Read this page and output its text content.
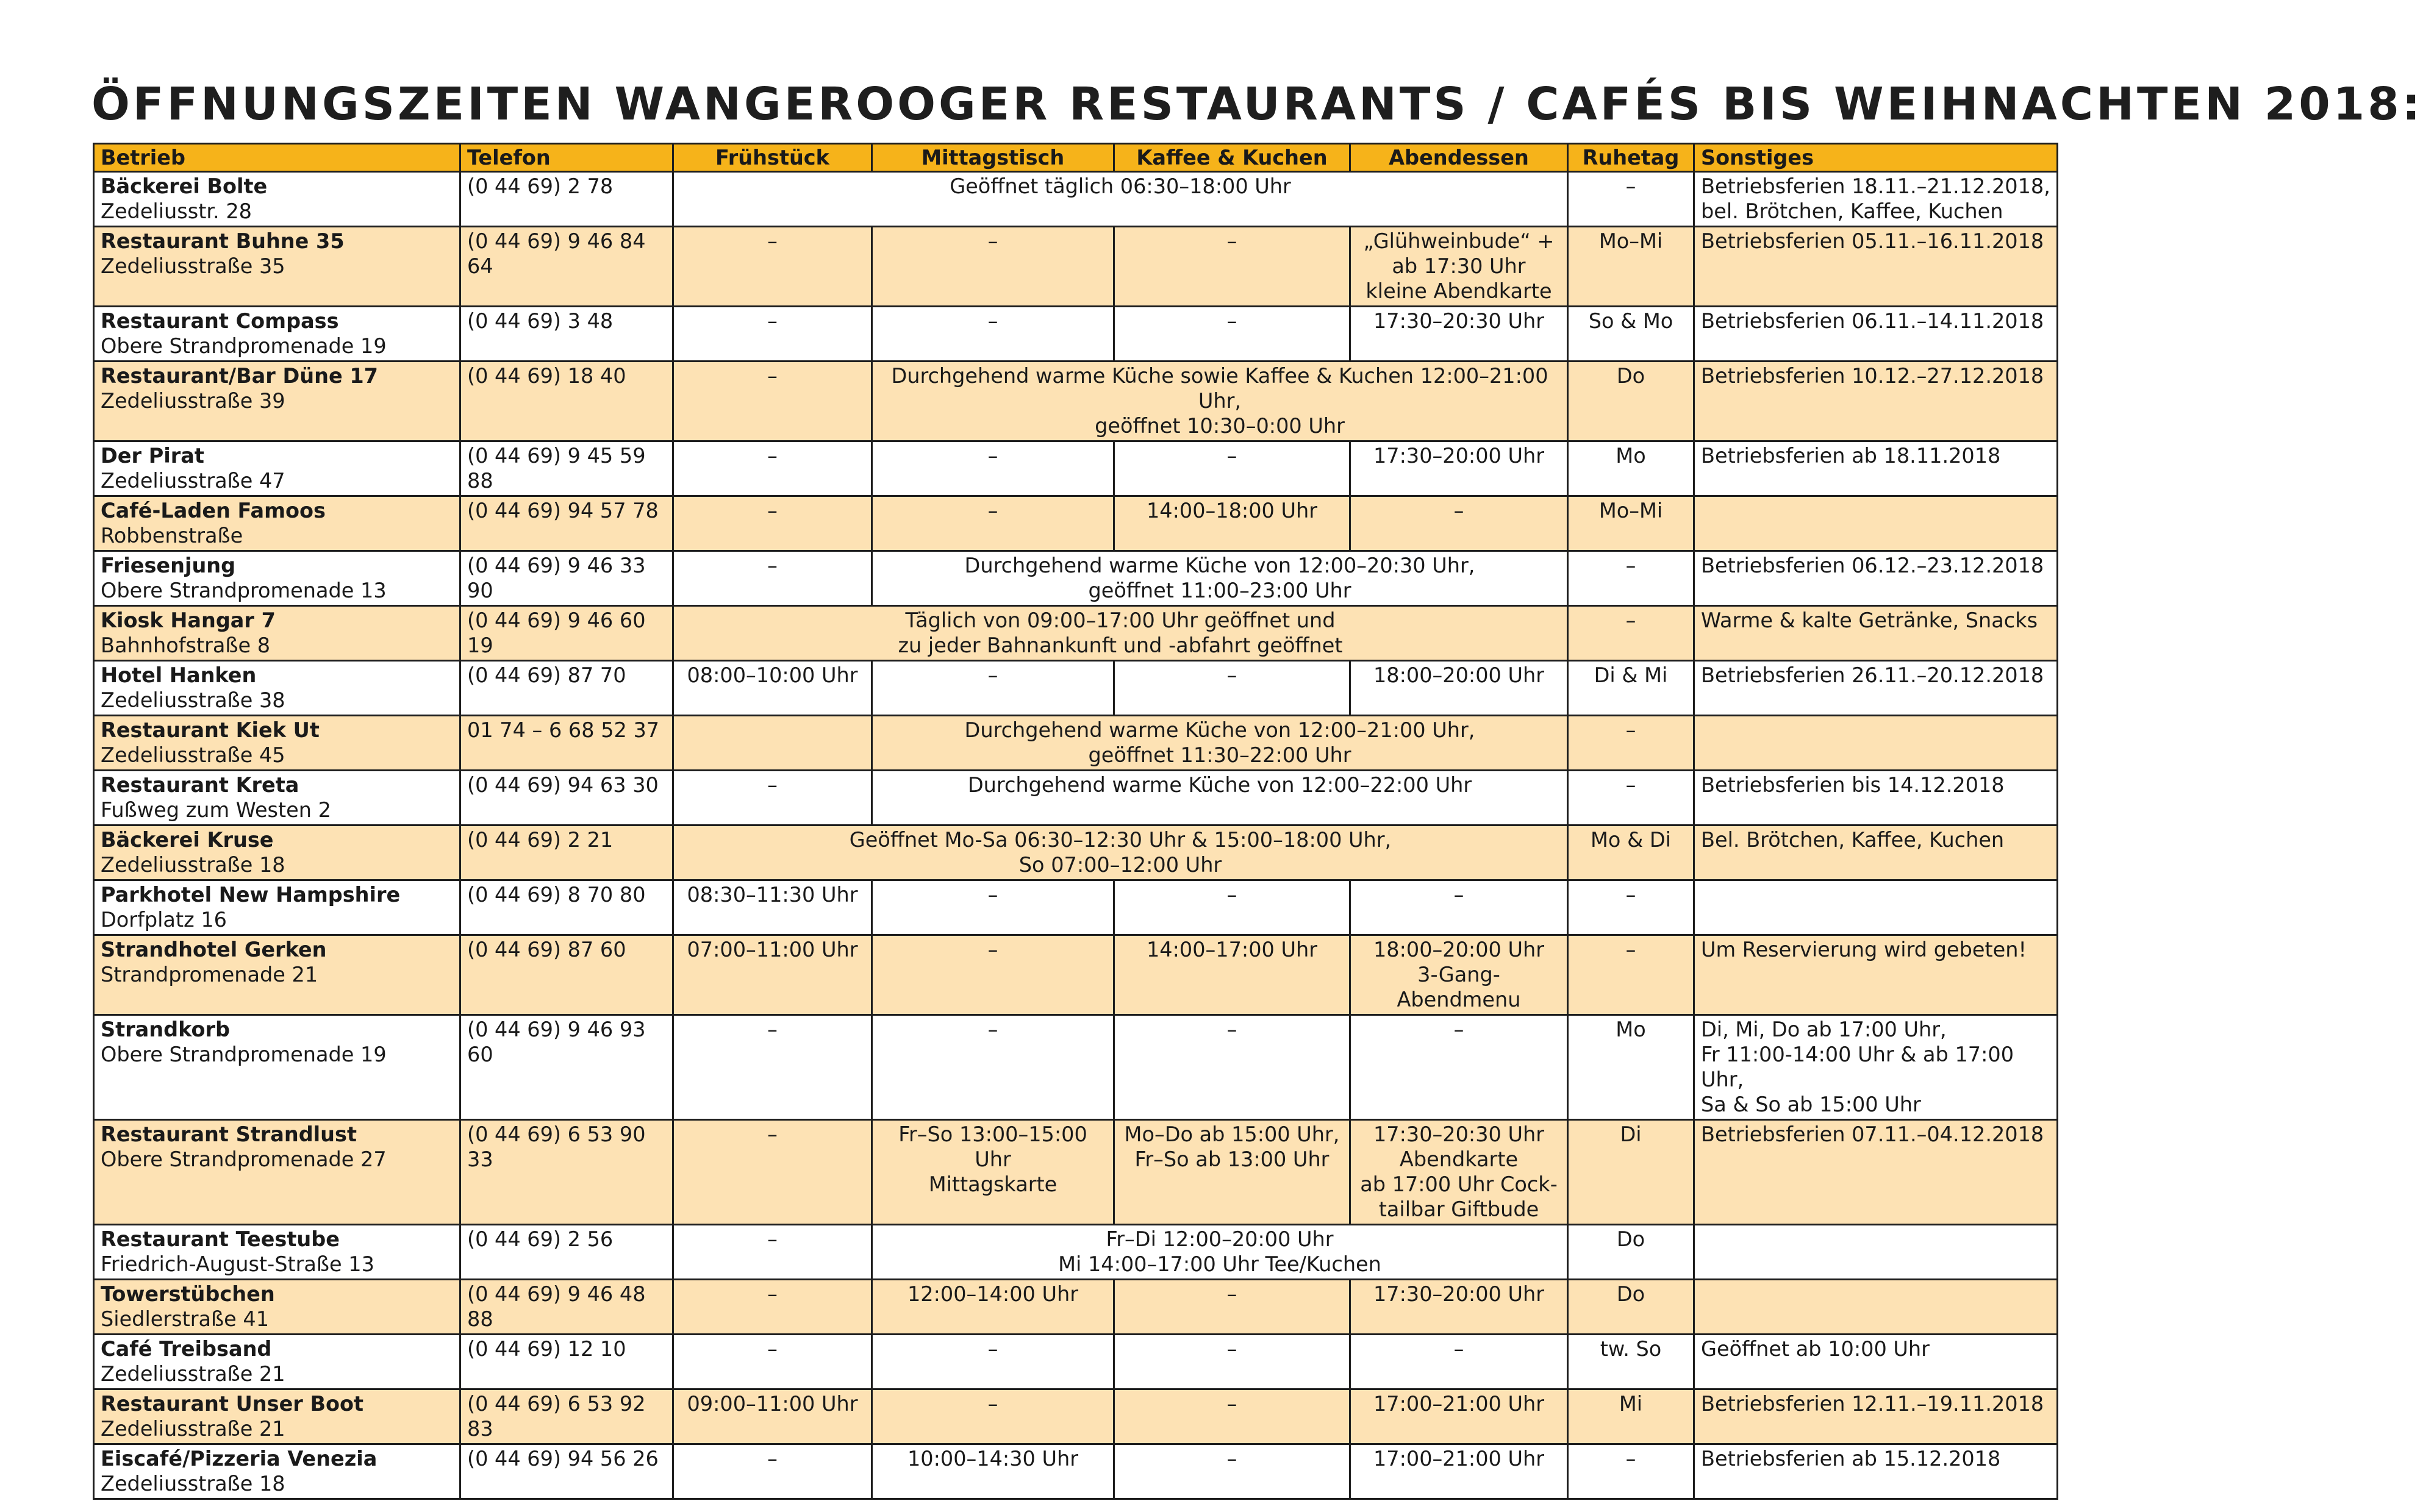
ÖFFNUNGSZEITEN WANGEROOGER RESTAURANTS / CAFÉS BIS WEIHNACHTEN 2018:
Betrieb	Telefon	Frühstück	Mittagstisch	Kaffee & Kuchen	Abendessen	Ruhetag	Sonstiges

Bäckerei Bolte
Zedeliusstr. 28	(0 44 69) 2 78	Geöffnet täglich 06:30–18:00 Uhr				–	Betriebsferien 18.11.–21.12.2018,
bel. Brötchen, Kaffee, Kuchen

Restaurant Buhne 35
Zedeliusstraße 35	(0 44 69) 9 46 84 64	–	–	–	„Glühweinbude“ +
ab 17:30 Uhr
kleine Abendkarte	Mo–Mi	Betriebsferien 05.11.–16.11.2018

Restaurant Compass
Obere Strandpromenade 19	(0 44 69) 3 48	–	–	–	17:30–20:30 Uhr	So & Mo	Betriebsferien 06.11.–14.11.2018

Restaurant/Bar Düne 17
Zedeliusstraße 39	(0 44 69) 18 40	–	Durchgehend warme Küche sowie Kaffee & Kuchen 12:00–21:00 Uhr,
geöffnet 10:30–0:00 Uhr			Do	Betriebsferien 10.12.–27.12.2018

Der Pirat
Zedeliusstraße 47	(0 44 69) 9 45 59 88	–	–	–	17:30–20:00 Uhr	Mo	Betriebsferien ab 18.11.2018

Café-Laden Famoos
Robbenstraße	(0 44 69) 94 57 78	–	–	14:00–18:00 Uhr	–	Mo–Mi	

Friesenjung
Obere Strandpromenade 13	(0 44 69) 9 46 33 90	–	Durchgehend warme Küche von 12:00–20:30 Uhr,
geöffnet 11:00–23:00 Uhr			–	Betriebsferien 06.12.–23.12.2018

Kiosk Hangar 7
Bahnhofstraße 8	(0 44 69) 9 46 60 19	Täglich von 09:00–17:00 Uhr geöffnet und
zu jeder Bahnankunft und -abfahrt geöffnet				–	Warme & kalte Getränke, Snacks

Hotel Hanken
Zedeliusstraße 38	(0 44 69) 87 70	08:00–10:00 Uhr	–	–	18:00–20:00 Uhr	Di & Mi	Betriebsferien 26.11.–20.12.2018

Restaurant Kiek Ut
Zedeliusstraße 45	01 74 – 6 68 52 37		Durchgehend warme Küche von 12:00–21:00 Uhr,
geöffnet 11:30–22:00 Uhr			–	

Restaurant Kreta
Fußweg zum Westen 2	(0 44 69) 94 63 30	–	Durchgehend warme Küche von 12:00–22:00 Uhr			–	Betriebsferien bis 14.12.2018

Bäckerei Kruse
Zedeliusstraße 18	(0 44 69) 2 21	Geöffnet Mo-Sa 06:30–12:30 Uhr & 15:00–18:00 Uhr,
So 07:00–12:00 Uhr				Mo & Di	Bel. Brötchen, Kaffee, Kuchen

Parkhotel New Hampshire
Dorfplatz 16	(0 44 69) 8 70 80	08:30–11:30 Uhr	–	–	–	–	

Strandhotel Gerken
Strandpromenade 21	(0 44 69) 87 60	07:00–11:00 Uhr	–	14:00–17:00 Uhr	18:00–20:00 Uhr
3-Gang-Abendmenu	–	Um Reservierung wird gebeten!

Strandkorb
Obere Strandpromenade 19	(0 44 69) 9 46 93 60	–	–	–	–	Mo	Di, Mi, Do ab 17:00 Uhr,
Fr 11:00-14:00 Uhr & ab 17:00 Uhr,
Sa & So ab 15:00 Uhr

Restaurant Strandlust
Obere Strandpromenade 27	(0 44 69) 6 53 90 33	–	Fr–So 13:00–15:00 Uhr
Mittagskarte	Mo–Do ab 15:00 Uhr,
Fr–So ab 13:00 Uhr	17:30–20:30 Uhr
Abendkarte
ab 17:00 Uhr Cock-
tailbar Giftbude	Di	Betriebsferien 07.11.–04.12.2018

Restaurant Teestube
Friedrich-August-Straße 13	(0 44 69) 2 56	–	Fr–Di 12:00–20:00 Uhr
Mi 14:00–17:00 Uhr Tee/Kuchen			Do	

Towerstübchen
Siedlerstraße 41	(0 44 69) 9 46 48 88	–	12:00–14:00 Uhr	–	17:30–20:00 Uhr	Do	

Café Treibsand
Zedeliusstraße 21	(0 44 69) 12 10	–	–	–	–	tw. So	Geöffnet ab 10:00 Uhr

Restaurant Unser Boot
Zedeliusstraße 21	(0 44 69) 6 53 92 83	09:00–11:00 Uhr	–	–	17:00–21:00 Uhr	Mi	Betriebsferien 12.11.–19.11.2018

Eiscafé/Pizzeria Venezia
Zedeliusstraße 18	(0 44 69) 94 56 26	–	10:00–14:30 Uhr	–	17:00–21:00 Uhr	–	Betriebsferien ab 15.12.2018
